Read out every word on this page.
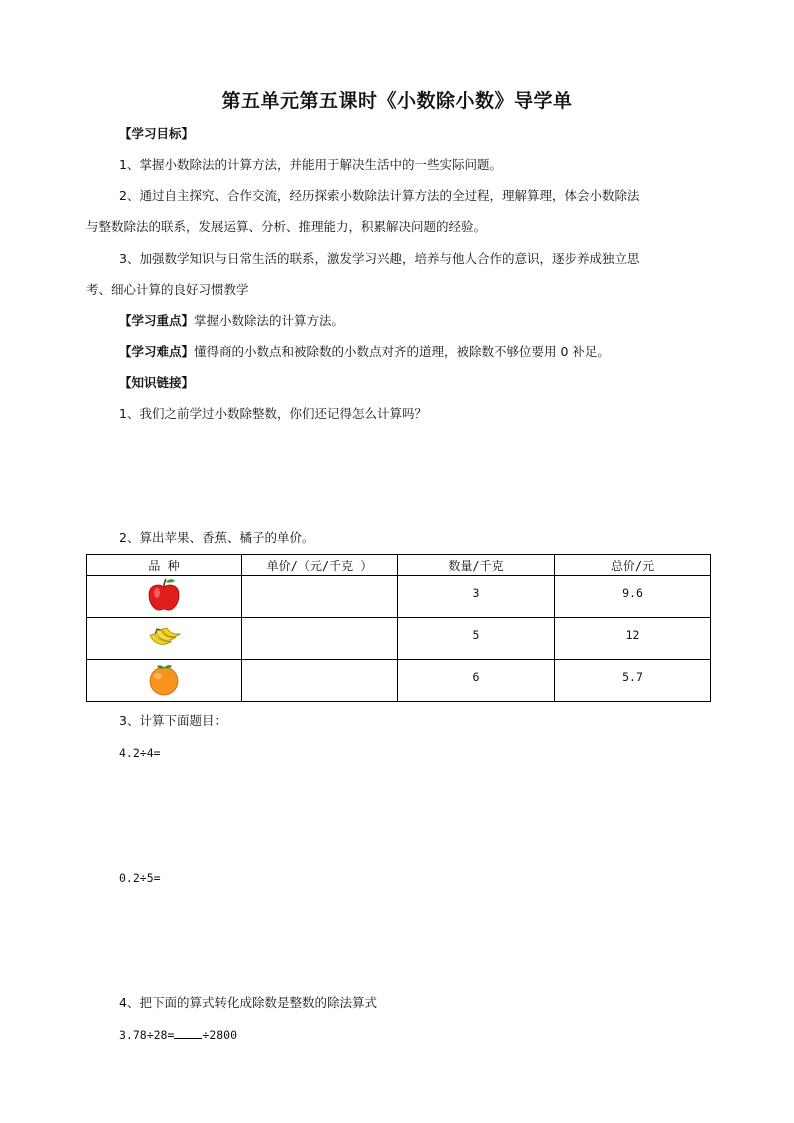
第五单元第五课时《小数除小数》导学单
【学习目标】
1、掌握小数除法的计算方法，并能用于解决生活中的一些实际问题。
2、通过自主探究、合作交流，经历探索小数除法计算方法的全过程，理解算理，体会小数除法
与整数除法的联系，发展运算、分析、推理能力，积累解决问题的经验。
3、加强数学知识与日常生活的联系，激发学习兴趣，培养与他人合作的意识，逐步养成独立思
考、细心计算的良好习惯教学
【学习重点】掌握小数除法的计算方法。
【学习难点】懂得商的小数点和被除数的小数点对齐的道理，被除数不够位要用 0 补足。
【知识链接】
1、我们之前学过小数除整数，你们还记得怎么计算吗？
2、算出苹果、香蕉、橘子的单价。
品 种	单价/（元/千克 ）	数量/千克	总价/元
		3	9.6
		5	12
		6	5.7
3、计算下面题目：
4.2÷4=
0.2÷5=
4、把下面的算式转化成除数是整数的除法算式
3.78÷28= ÷2800
